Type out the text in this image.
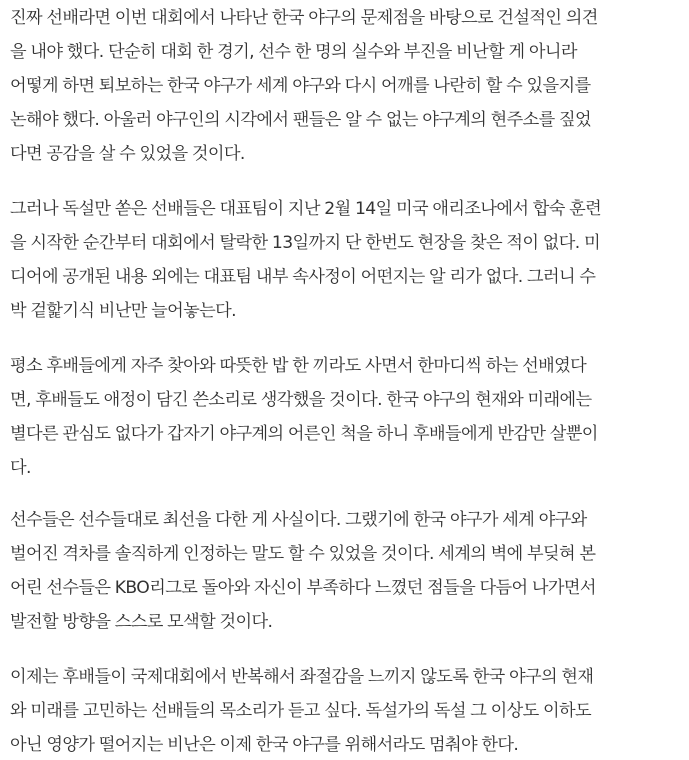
진짜 선배라면 이번 대회에서 나타난 한국 야구의 문제점을 바탕으로 건설적인 의견
을 내야 했다. 단순히 대회 한 경기, 선수 한 명의 실수와 부진을 비난할 게 아니라
어떻게 하면 퇴보하는 한국 야구가 세계 야구와 다시 어깨를 나란히 할 수 있을지를
논해야 했다. 아울러 야구인의 시각에서 팬들은 알 수 없는 야구계의 현주소를 짚었
다면 공감을 살 수 있었을 것이다.
그러나 독설만 쏟은 선배들은 대표팀이 지난 2월 14일 미국 애리조나에서 합숙 훈련
을 시작한 순간부터 대회에서 탈락한 13일까지 단 한번도 현장을 찾은 적이 없다. 미
디어에 공개된 내용 외에는 대표팀 내부 속사정이 어떤지는 알 리가 없다. 그러니 수
박 겉핥기식 비난만 늘어놓는다.
평소 후배들에게 자주 찾아와 따뜻한 밥 한 끼라도 사면서 한마디씩 하는 선배였다
면, 후배들도 애정이 담긴 쓴소리로 생각했을 것이다. 한국 야구의 현재와 미래에는
별다른 관심도 없다가 갑자기 야구계의 어른인 척을 하니 후배들에게 반감만 살뿐이
다.
선수들은 선수들대로 최선을 다한 게 사실이다. 그랬기에 한국 야구가 세계 야구와
벌어진 격차를 솔직하게 인정하는 말도 할 수 있었을 것이다. 세계의 벽에 부딪혀 본
어린 선수들은 KBO리그로 돌아와 자신이 부족하다 느꼈던 점들을 다듬어 나가면서
발전할 방향을 스스로 모색할 것이다.
이제는 후배들이 국제대회에서 반복해서 좌절감을 느끼지 않도록 한국 야구의 현재
와 미래를 고민하는 선배들의 목소리가 듣고 싶다. 독설가의 독설 그 이상도 이하도
아닌 영양가 떨어지는 비난은 이제 한국 야구를 위해서라도 멈춰야 한다.
